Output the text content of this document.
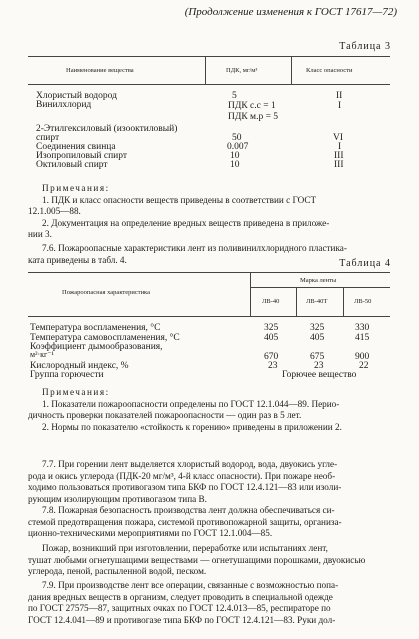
(Продолжение изменения к ГОСТ 17617—72)
Таблица 3
Наименование вещества	ПДК, мг/м³	Класс опасности
Хлористый водород	5	II
Винилхлорид	ПДК с.с = 1	I
ПДК м.р = 5
2-Этилгексиловый (изооктиловый)
спирт	50	VI
Соединения свинца	0.007	I
Изопропиловый спирт	10	III
Октиловый спирт	10	III
Примечания:
1. ПДК и класс опасности веществ приведены в соответствии с ГОСТ
12.1.005—88.
2. Документация на определение вредных веществ приведена в приложе-
нии 3.
7.6. Пожароопасные характеристики лент из поливинилхлоридного пластика-
ката приведены в табл. 4.	Таблица 4
Пожароопасная характеристика
Марка ленты
ЛВ-40	ЛВ-40Т	ЛВ-50
Температура воспламенения, °С	325	325	330
Температура самовоспламенения, °С	405	405	415
Коэффициент дымообразования,
м²·кг⁻¹	670	675	900
Кислородный индекс, %	23	23	22
Группа горючести	Горючее вещество
Примечания:
1. Показатели пожароопасности определены по ГОСТ 12.1.044—89. Перио-
дичность проверки показателей пожароопасности — один раз в 5 лет.
2. Нормы по показателю «стойкость к горению» приведены в приложении 2.
7.7. При горении лент выделяется хлористый водород, вода, двуокись угле-
рода и окись углерода (ПДК-20 мг/м³, 4-й класс опасности). При пожаре необ-
ходимо пользоваться противогазом типа БКФ по ГОСТ 12.4.121—83 или изоли-
рующим изолирующим противогазом типа В.
7.8. Пожарная безопасность производства лент должна обеспечиваться си-
стемой предотвращения пожара, системой противопожарной защиты, организа-
ционно-техническими мероприятиями по ГОСТ 12.1.004—85.
Пожар, возникший при изготовлении, переработке или испытаниях лент,
тушат любыми огнетушащими веществами — огнетушащими порошками, двуокисью
углерода, пеной, распыленной водой, песком.
7.9. При производстве лент все операции, связанные с возможностью попа-
дания вредных веществ в организм, следует проводить в специальной одежде
по ГОСТ 27575—87, защитных очках по ГОСТ 12.4.013—85, респираторе по
ГОСТ 12.4.041—89 и противогазе типа БКФ по ГОСТ 12.4.121—83. Руки дол-
